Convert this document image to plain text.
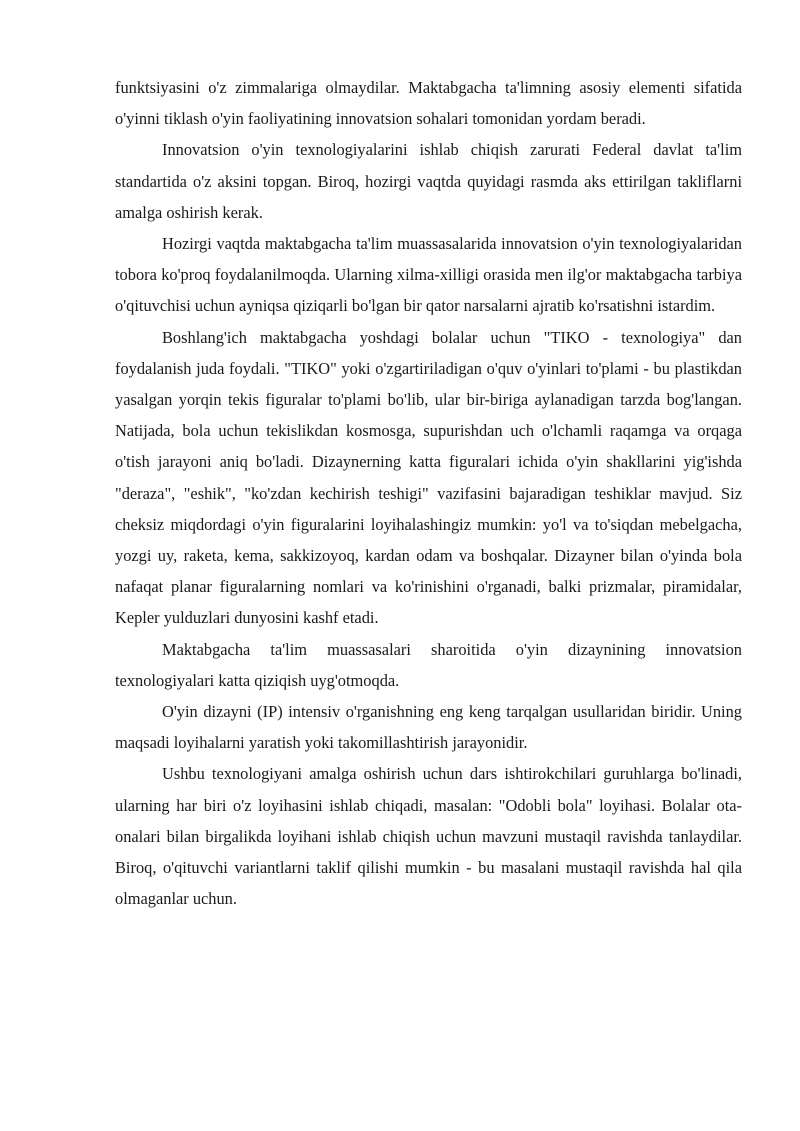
funktsiyasini o'z zimmalariga olmaydilar. Maktabgacha ta'limning asosiy elementi sifatida o'yinni tiklash o'yin faoliyatining innovatsion sohalari tomonidan yordam beradi.

Innovatsion o'yin texnologiyalarini ishlab chiqish zarurati Federal davlat ta'lim standartida o'z aksini topgan. Biroq, hozirgi vaqtda quyidagi rasmda aks ettirilgan takliflarni amalga oshirish kerak.

Hozirgi vaqtda maktabgacha ta'lim muassasalarida innovatsion o'yin texnologiyalaridan tobora ko'proq foydalanilmoqda. Ularning xilma-xilligi orasida men ilg'or maktabgacha tarbiya o'qituvchisi uchun ayniqsa qiziqarli bo'lgan bir qator narsalarni ajratib ko'rsatishni istardim.

Boshlang'ich maktabgacha yoshdagi bolalar uchun "TIKO - texnologiya" dan foydalanish juda foydali. "TIKO" yoki o'zgartiriladigan o'quv o'yinlari to'plami - bu plastikdan yasalgan yorqin tekis figuralar to'plami bo'lib, ular bir-biriga aylanadigan tarzda bog'langan. Natijada, bola uchun tekislikdan kosmosga, supurishdan uch o'lchamli raqamga va orqaga o'tish jarayoni aniq bo'ladi. Dizaynerning katta figuralari ichida o'yin shakllarini yig'ishda "deraza", "eshik", "ko'zdan kechirish teshigi" vazifasini bajaradigan teshiklar mavjud. Siz cheksiz miqdordagi o'yin figuralarini loyihalashingiz mumkin: yo'l va to'siqdan mebelgacha, yozgi uy, raketa, kema, sakkizoyoq, kardan odam va boshqalar. Dizayner bilan o'yinda bola nafaqat planar figuralarning nomlari va ko'rinishini o'rganadi, balki prizmalar, piramidalar, Kepler yulduzlari dunyosini kashf etadi.

Maktabgacha ta'lim muassasalari sharoitida o'yin dizaynining innovatsion texnologiyalari katta qiziqish uyg'otmoqda.

O'yin dizayni (IP) intensiv o'rganishning eng keng tarqalgan usullaridan biridir. Uning maqsadi loyihalarni yaratish yoki takomillashtirish jarayonidir.

Ushbu texnologiyani amalga oshirish uchun dars ishtirokchilari guruhlarga bo'linadi, ularning har biri o'z loyihasini ishlab chiqadi, masalan: "Odobli bola" loyihasi. Bolalar ota-onalari bilan birgalikda loyihani ishlab chiqish uchun mavzuni mustaqil ravishda tanlaydilar. Biroq, o'qituvchi variantlarni taklif qilishi mumkin - bu masalani mustaqil ravishda hal qila olmaganlar uchun.
